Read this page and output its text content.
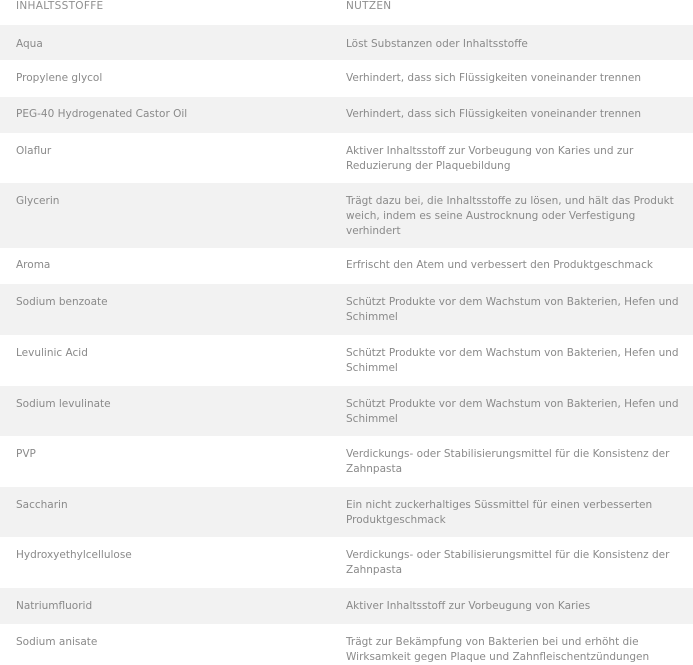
INHALTSSTOFFE	NUTZEN
Aqua	Löst Substanzen oder Inhaltsstoffe
Propylene glycol	Verhindert, dass sich Flüssigkeiten voneinander trennen
PEG-40 Hydrogenated Castor Oil	Verhindert, dass sich Flüssigkeiten voneinander trennen
Olaflur	Aktiver Inhaltsstoff zur Vorbeugung von Karies und zur Reduzierung der Plaquebildung
Glycerin	Trägt dazu bei, die Inhaltsstoffe zu lösen, und hält das Produkt weich, indem es seine Austrocknung oder Verfestigung verhindert
Aroma	Erfrischt den Atem und verbessert den Produktgeschmack
Sodium benzoate	Schützt Produkte vor dem Wachstum von Bakterien, Hefen und Schimmel
Levulinic Acid	Schützt Produkte vor dem Wachstum von Bakterien, Hefen und Schimmel
Sodium levulinate	Schützt Produkte vor dem Wachstum von Bakterien, Hefen und Schimmel
PVP	Verdickungs- oder Stabilisierungsmittel für die Konsistenz der Zahnpasta
Saccharin	Ein nicht zuckerhaltiges Süssmittel für einen verbesserten Produktgeschmack
Hydroxyethylcellulose	Verdickungs- oder Stabilisierungsmittel für die Konsistenz der Zahnpasta
Natriumfluorid	Aktiver Inhaltsstoff zur Vorbeugung von Karies
Sodium anisate	Trägt zur Bekämpfung von Bakterien bei und erhöht die Wirksamkeit gegen Plaque und Zahnfleischentzündungen
